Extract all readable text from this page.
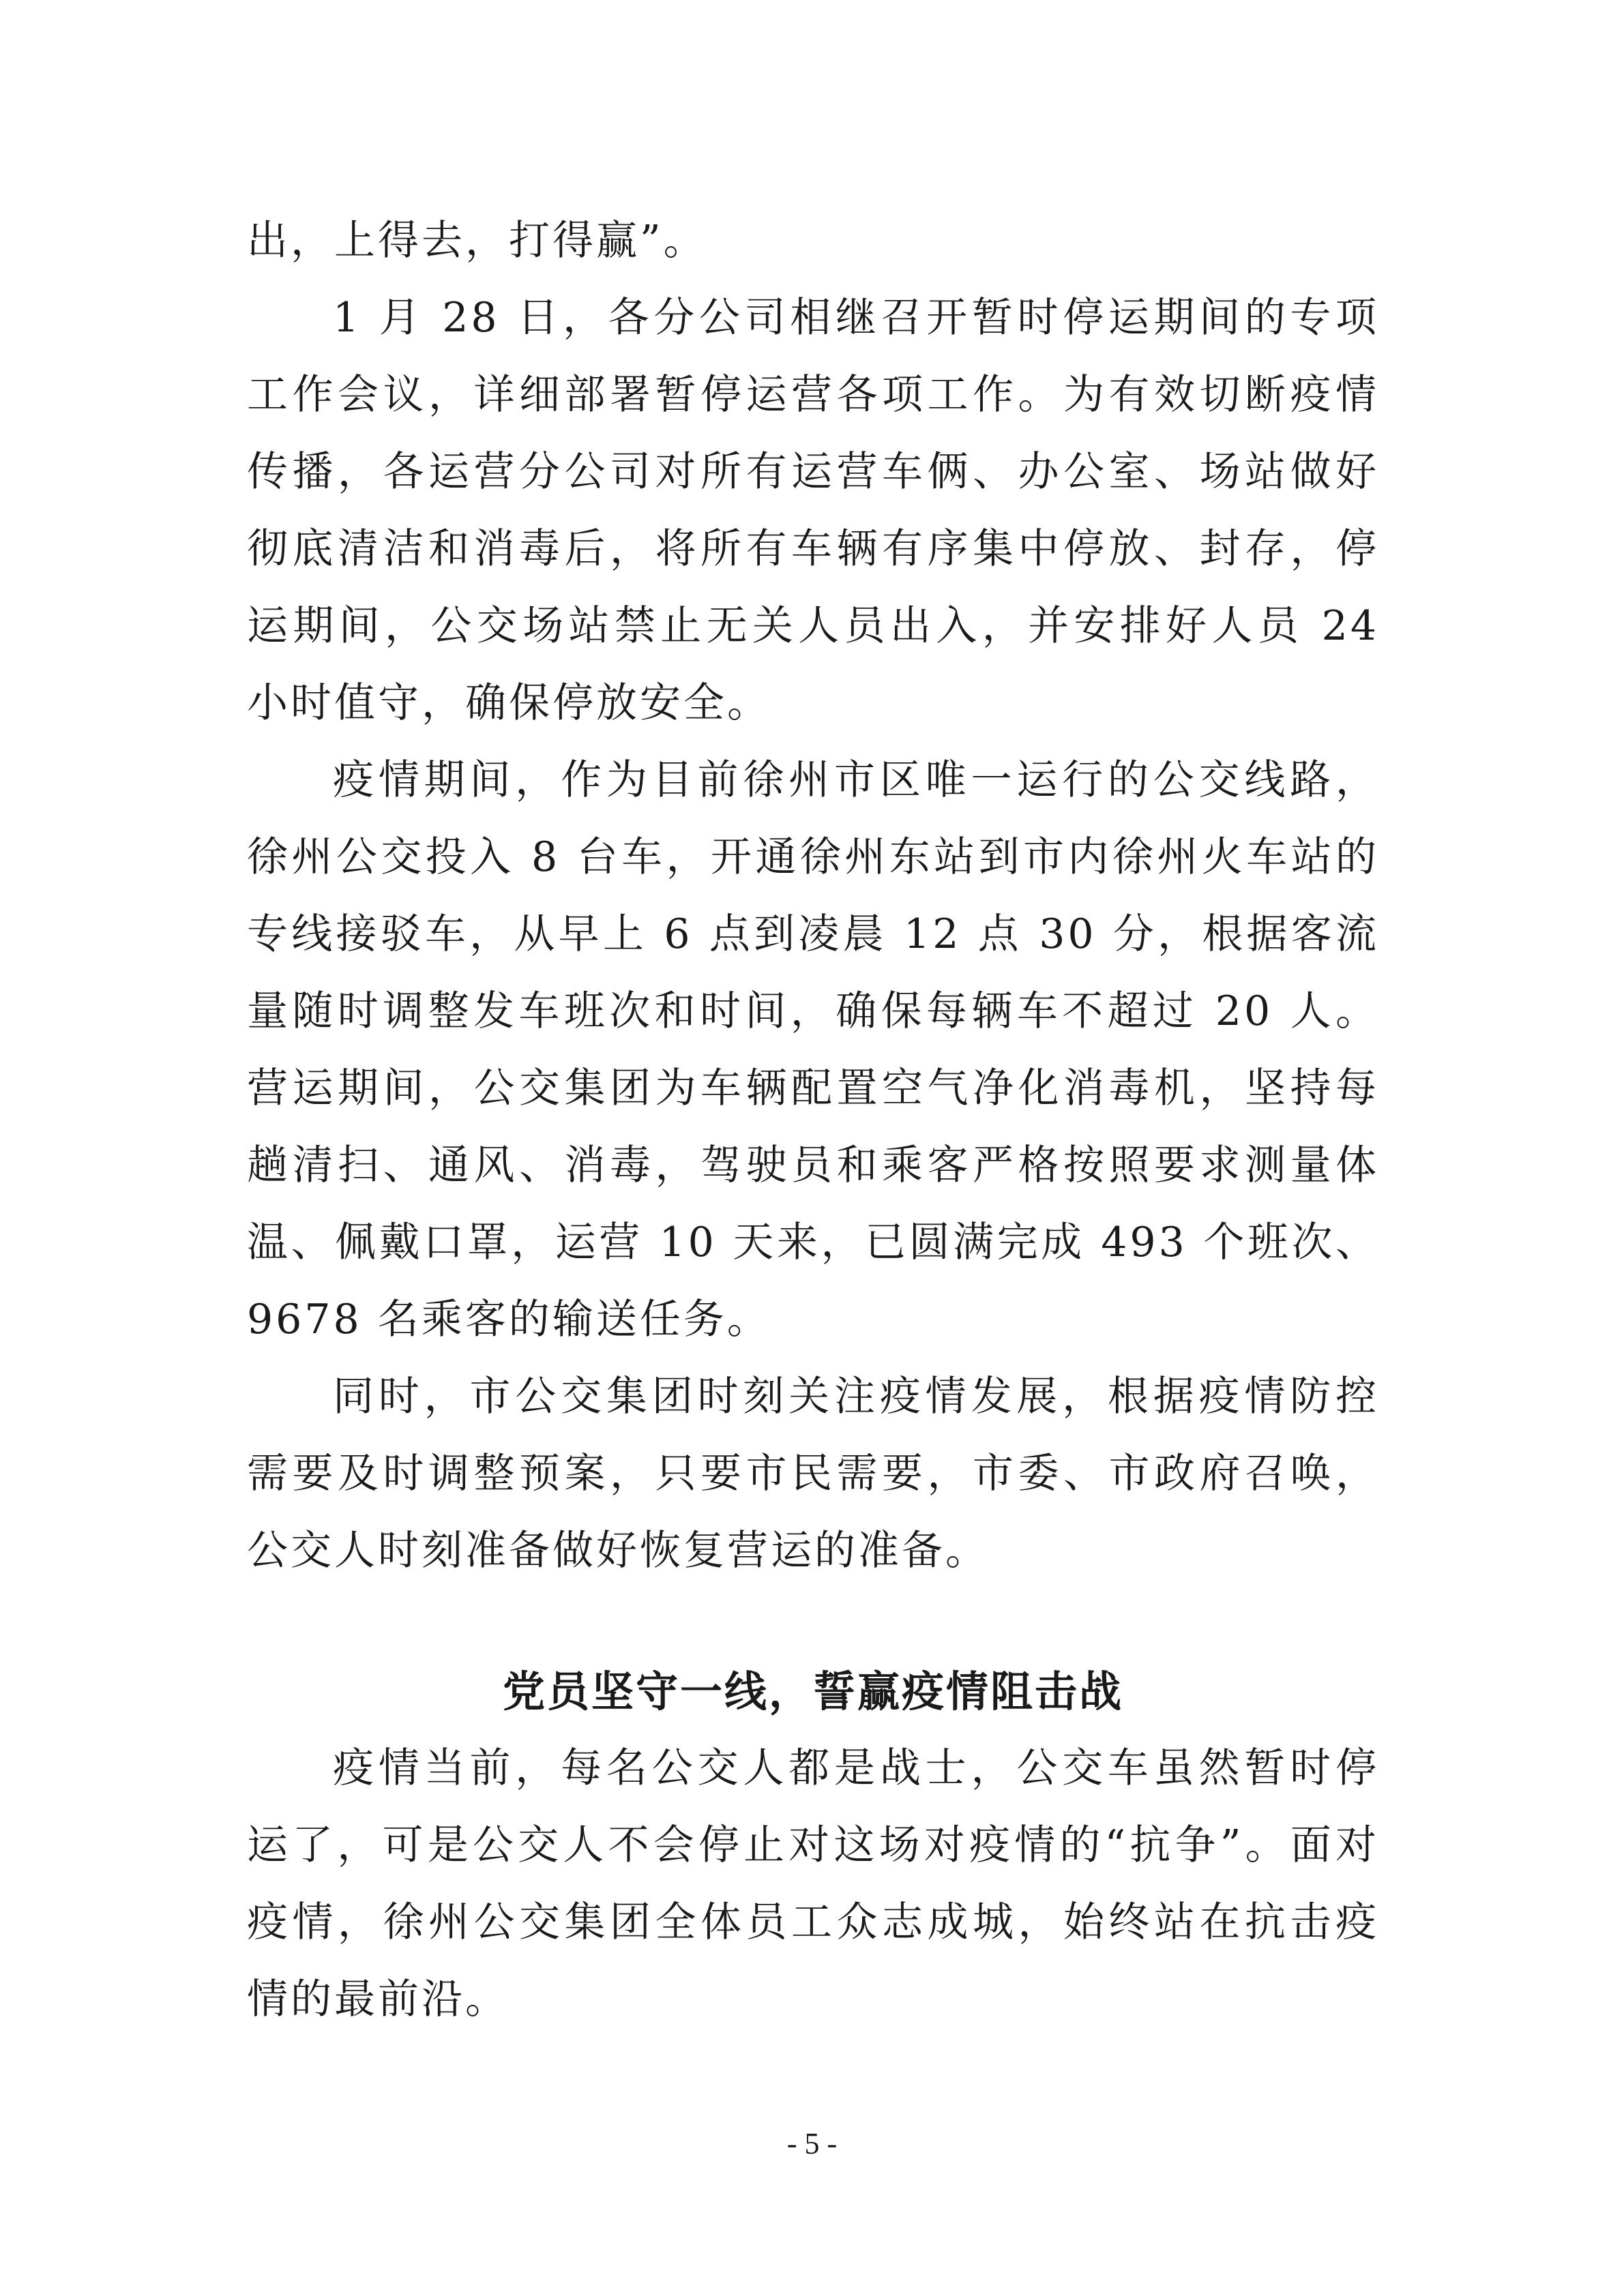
出，上得去，打得赢”。

1 月 28 日，各分公司相继召开暂时停运期间的专项工作会议，详细部署暂停运营各项工作。为有效切断疫情传播，各运营分公司对所有运营车俩、办公室、场站做好彻底清洁和消毒后，将所有车辆有序集中停放、封存，停运期间，公交场站禁止无关人员出入，并安排好人员 24 小时值守，确保停放安全。

疫情期间，作为目前徐州市区唯一运行的公交线路，徐州公交投入 8 台车，开通徐州东站到市内徐州火车站的专线接驳车，从早上 6 点到凌晨 12 点 30 分，根据客流量随时调整发车班次和时间，确保每辆车不超过 20 人。营运期间，公交集团为车辆配置空气净化消毒机，坚持每趟清扫、通风、消毒，驾驶员和乘客严格按照要求测量体温、佩戴口罩，运营 10 天来，已圆满完成 493 个班次、9678 名乘客的输送任务。

同时，市公交集团时刻关注疫情发展，根据疫情防控需要及时调整预案，只要市民需要，市委、市政府召唤，公交人时刻准备做好恢复营运的准备。

党员坚守一线，誓赢疫情阻击战

疫情当前，每名公交人都是战士，公交车虽然暂时停运了，可是公交人不会停止对这场对疫情的“抗争”。面对疫情，徐州公交集团全体员工众志成城，始终站在抗击疫情的最前沿。

- 5 -
